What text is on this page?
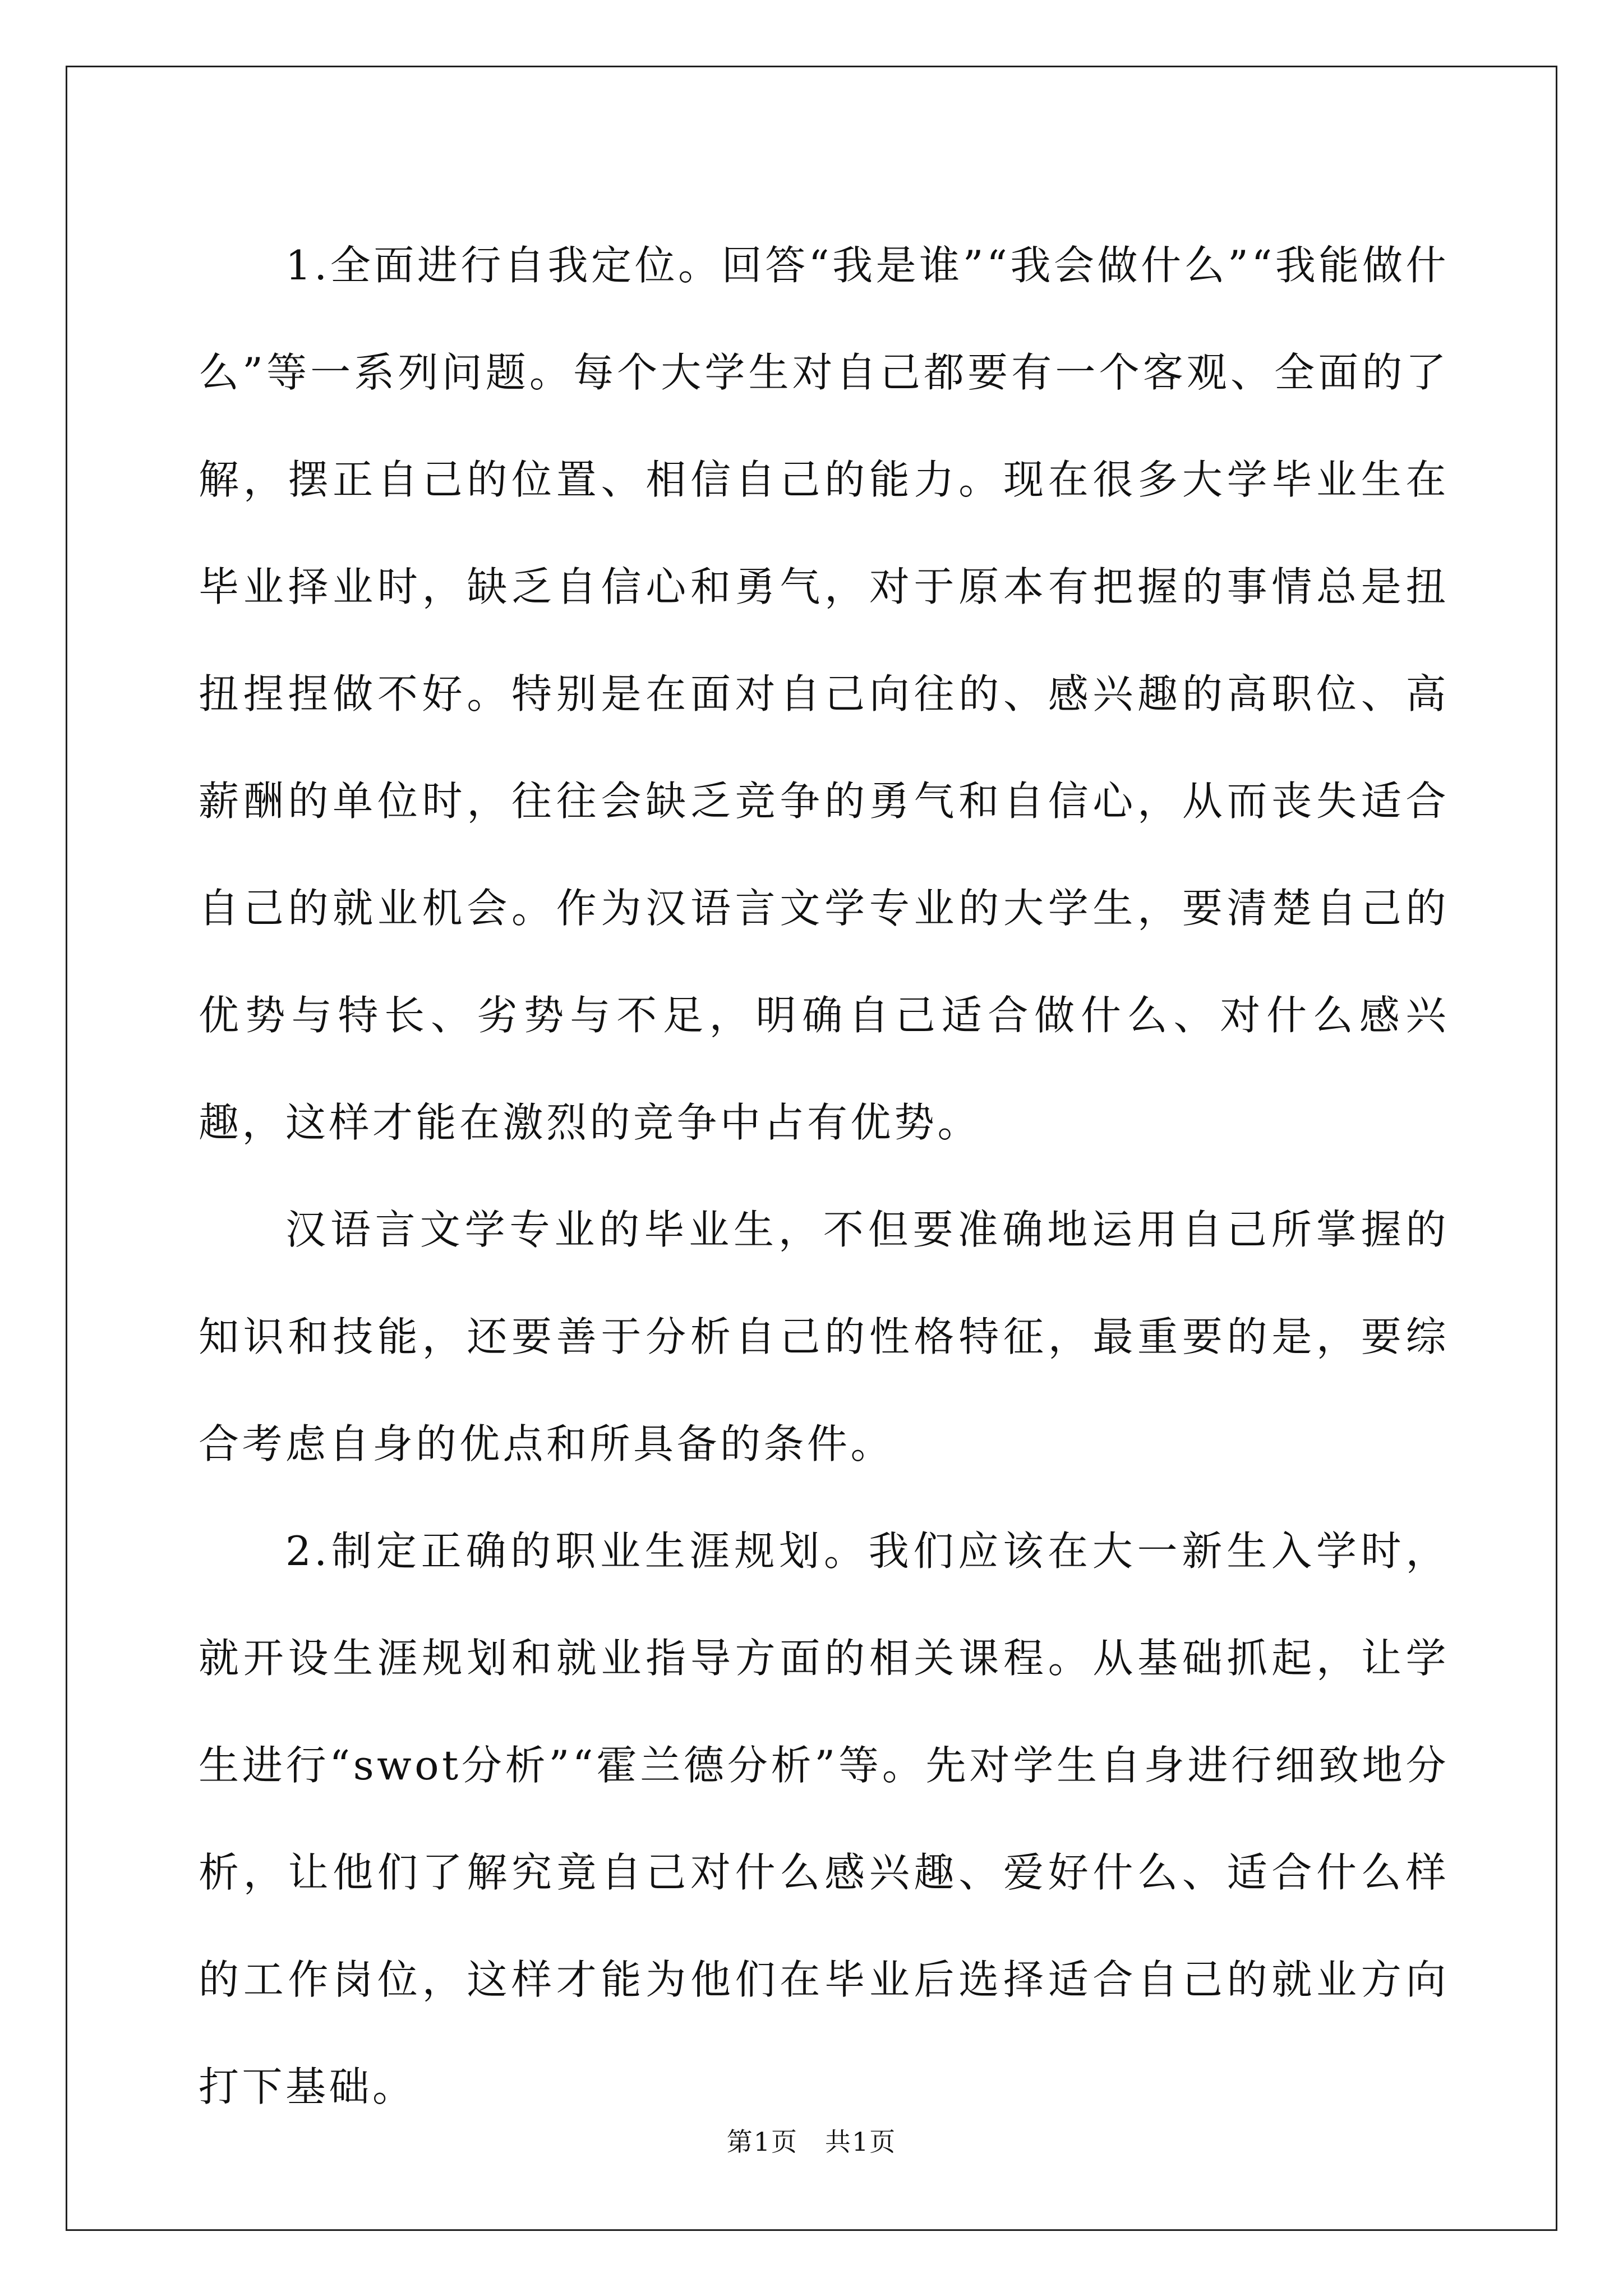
1.全面进行自我定位。回答“我是谁”“我会做什么”“我能做什么”等一系列问题。每个大学生对自己都要有一个客观、全面的了解，摆正自己的位置、相信自己的能力。现在很多大学毕业生在毕业择业时，缺乏自信心和勇气，对于原本有把握的事情总是扭扭捏捏做不好。特别是在面对自己向往的、感兴趣的高职位、高薪酬的单位时，往往会缺乏竞争的勇气和自信心，从而丧失适合自己的就业机会。作为汉语言文学专业的大学生，要清楚自己的优势与特长、劣势与不足，明确自己适合做什么、对什么感兴趣，这样才能在激烈的竞争中占有优势。

汉语言文学专业的毕业生，不但要准确地运用自己所掌握的知识和技能，还要善于分析自己的性格特征，最重要的是，要综合考虑自身的优点和所具备的条件。

2.制定正确的职业生涯规划。我们应该在大一新生入学时，就开设生涯规划和就业指导方面的相关课程。从基础抓起，让学生进行“swot分析”“霍兰德分析”等。先对学生自身进行细致地分析，让他们了解究竟自己对什么感兴趣、爱好什么、适合什么样的工作岗位，这样才能为他们在毕业后选择适合自己的就业方向打下基础。

第1页　共1页
